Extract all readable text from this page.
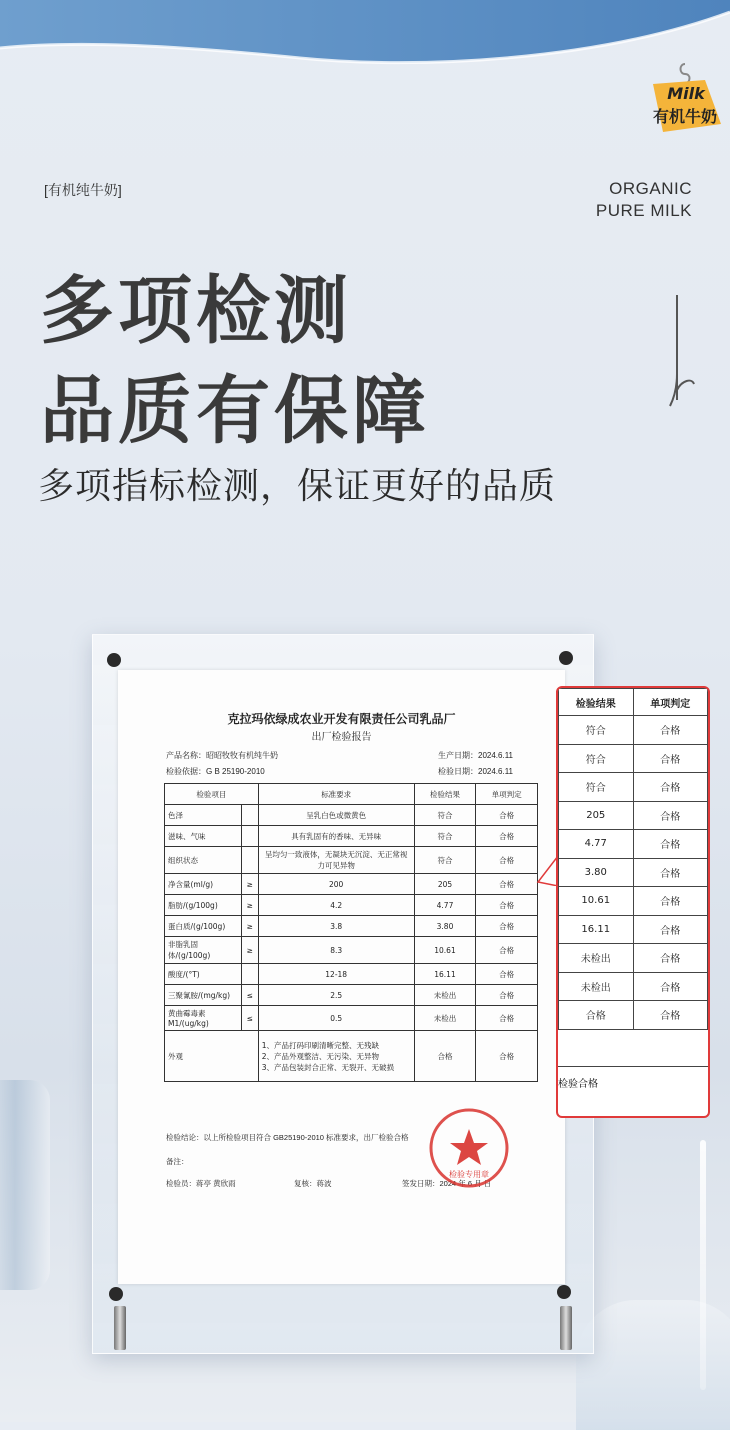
Milk
有机牛奶
[有机纯牛奶]	ORGANIC
PURE MILK
多项检测
品质有保障
多项指标检测，保证更好的品质
克拉玛依绿成农业开发有限责任公司乳品厂
出厂检验报告
产品名称：昭昭牧牧有机纯牛奶
检验依据：G B 25190-2010
生产日期：2024.6.11
检验日期：2024.6.11
检验项目		标准要求	检验结果	单项判定
色泽		呈乳白色或微黄色	符合	合格
滋味、气味		具有乳固有的香味、无异味	符合	合格
组织状态		呈均匀一致液体，无凝块无沉淀、无正常视力可见异物	符合	合格
净含量(ml/g)	≥	200	205	合格
脂肪/(g/100g)	≥	4.2	4.77	合格
蛋白质/(g/100g)	≥	3.8	3.80	合格
非脂乳固体/(g/100g)	≥	8.3	10.61	合格
酸度/(°T)		12-18	16.11	合格
三聚氰胺/(mg/kg)	≤	2.5	未检出	合格
黄曲霉毒素M1/(ug/kg)	≤	0.5	未检出	合格
外观		1、产品打码印刷清晰完整、无残缺
2、产品外观整洁、无污染、无异物
3、产品包装封合正常、无裂开、无破损	合格	合格
检验结论：以上所检验项目符合 GB25190-2010 标准要求，出厂检验合格
备注：
检验员：蒋亭 黄欣雨	复核：蒋波	签发日期：2024 年 6 月 日
检验专用章
检验结果	单项判定
符合	合格
符合	合格
符合	合格
205	合格
4.77	合格
3.80	合格
10.61	合格
16.11	合格
未检出	合格
未检出	合格
合格	合格
检验合格
